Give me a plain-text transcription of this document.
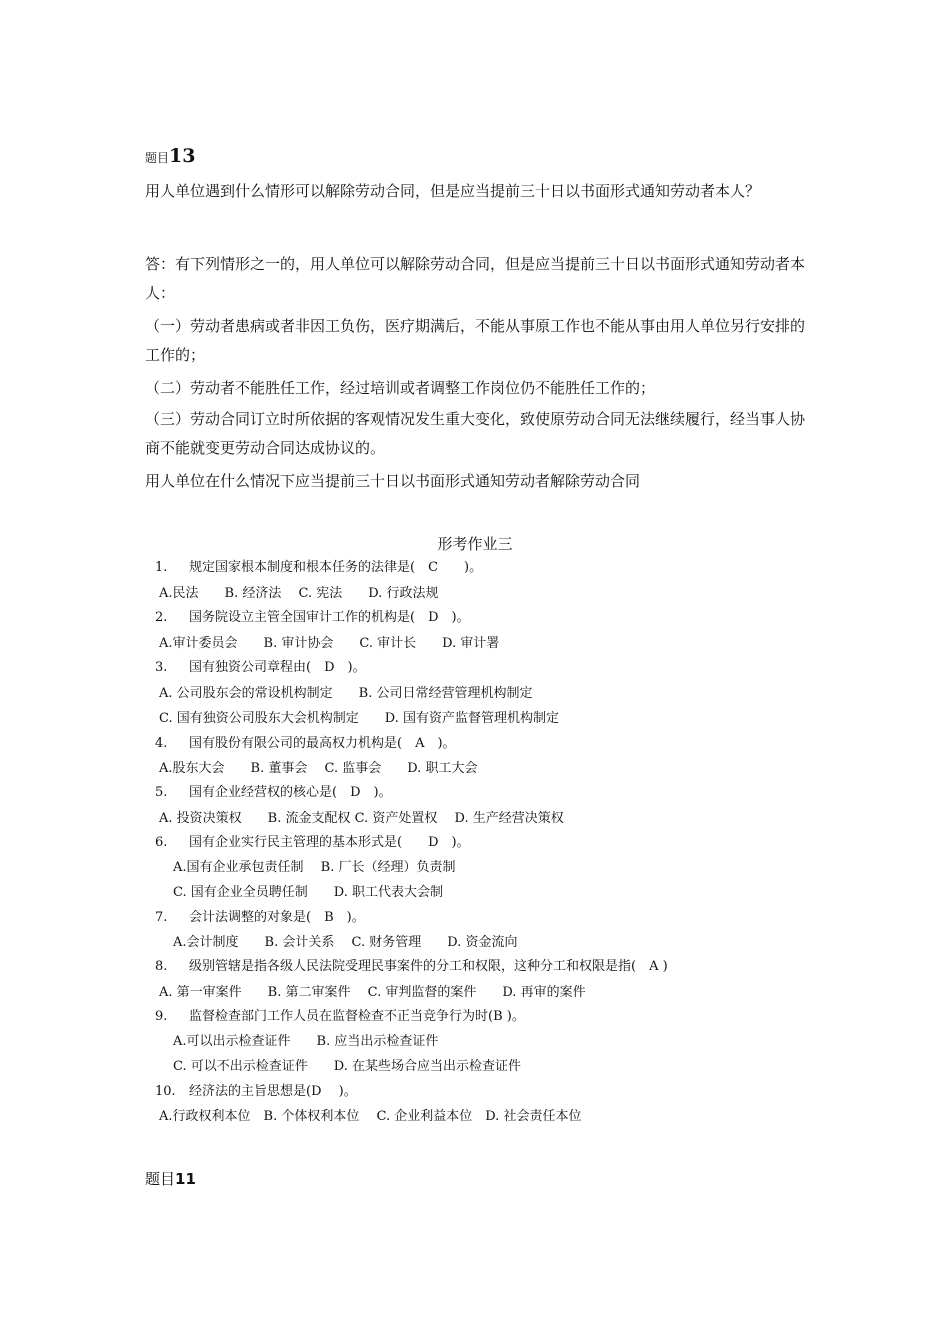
题目13
用人单位遇到什么情形可以解除劳动合同，但是应当提前三十日以书面形式通知劳动者本人？
答：有下列情形之一的，用人单位可以解除劳动合同，但是应当提前三十日以书面形式通知劳动者本人：
（一）劳动者患病或者非因工负伤，医疗期满后，不能从事原工作也不能从事由用人单位另行安排的工作的；
（二）劳动者不能胜任工作，经过培训或者调整工作岗位仍不能胜任工作的；
（三）劳动合同订立时所依据的客观情况发生重大变化，致使原劳动合同无法继续履行，经当事人协商不能就变更劳动合同达成协议的。
用人单位在什么情况下应当提前三十日以书面形式通知劳动者解除劳动合同
形考作业三
1. 规定国家根本制度和根本任务的法律是(　C　　)。
A.民法　　B. 经济法　 C. 宪法　　D. 行政法规
2. 国务院设立主管全国审计工作的机构是(　D　)。
A.审计委员会　　B. 审计协会　　C. 审计长　　D. 审计署
3. 国有独资公司章程由(　D　)。
A. 公司股东会的常设机构制定　　B. 公司日常经营管理机构制定
C. 国有独资公司股东大会机构制定　　D. 国有资产监督管理机构制定
4. 国有股份有限公司的最高权力机构是(　A　)。
A.股东大会　　B. 董事会　 C. 监事会　　D. 职工大会
5. 国有企业经营权的核心是(　D　)。
A. 投资决策权　　B. 流金支配权 C. 资产处置权　 D. 生产经营决策权
6. 国有企业实行民主管理的基本形式是(　　D　)。
A.国有企业承包责任制　 B. 厂长（经理）负责制
C. 国有企业全员聘任制　　D. 职工代表大会制
7. 会计法调整的对象是(　B　)。
A.会计制度　　B. 会计关系　 C. 财务管理　　D. 资金流向
8. 级别管辖是指各级人民法院受理民事案件的分工和权限，这种分工和权限是指(　A )
A. 第一审案件　　B. 第二审案件　 C. 审判监督的案件　　D. 再审的案件
9. 监督检查部门工作人员在监督检查不正当竞争行为时(B )。
A.可以出示检查证件　　B. 应当出示检查证件
C. 可以不出示检查证件　　D. 在某些场合应当出示检查证件
10. 经济法的主旨思想是(D　 )。
A.行政权利本位　B. 个体权利本位　 C. 企业利益本位　D. 社会责任本位
题目11
